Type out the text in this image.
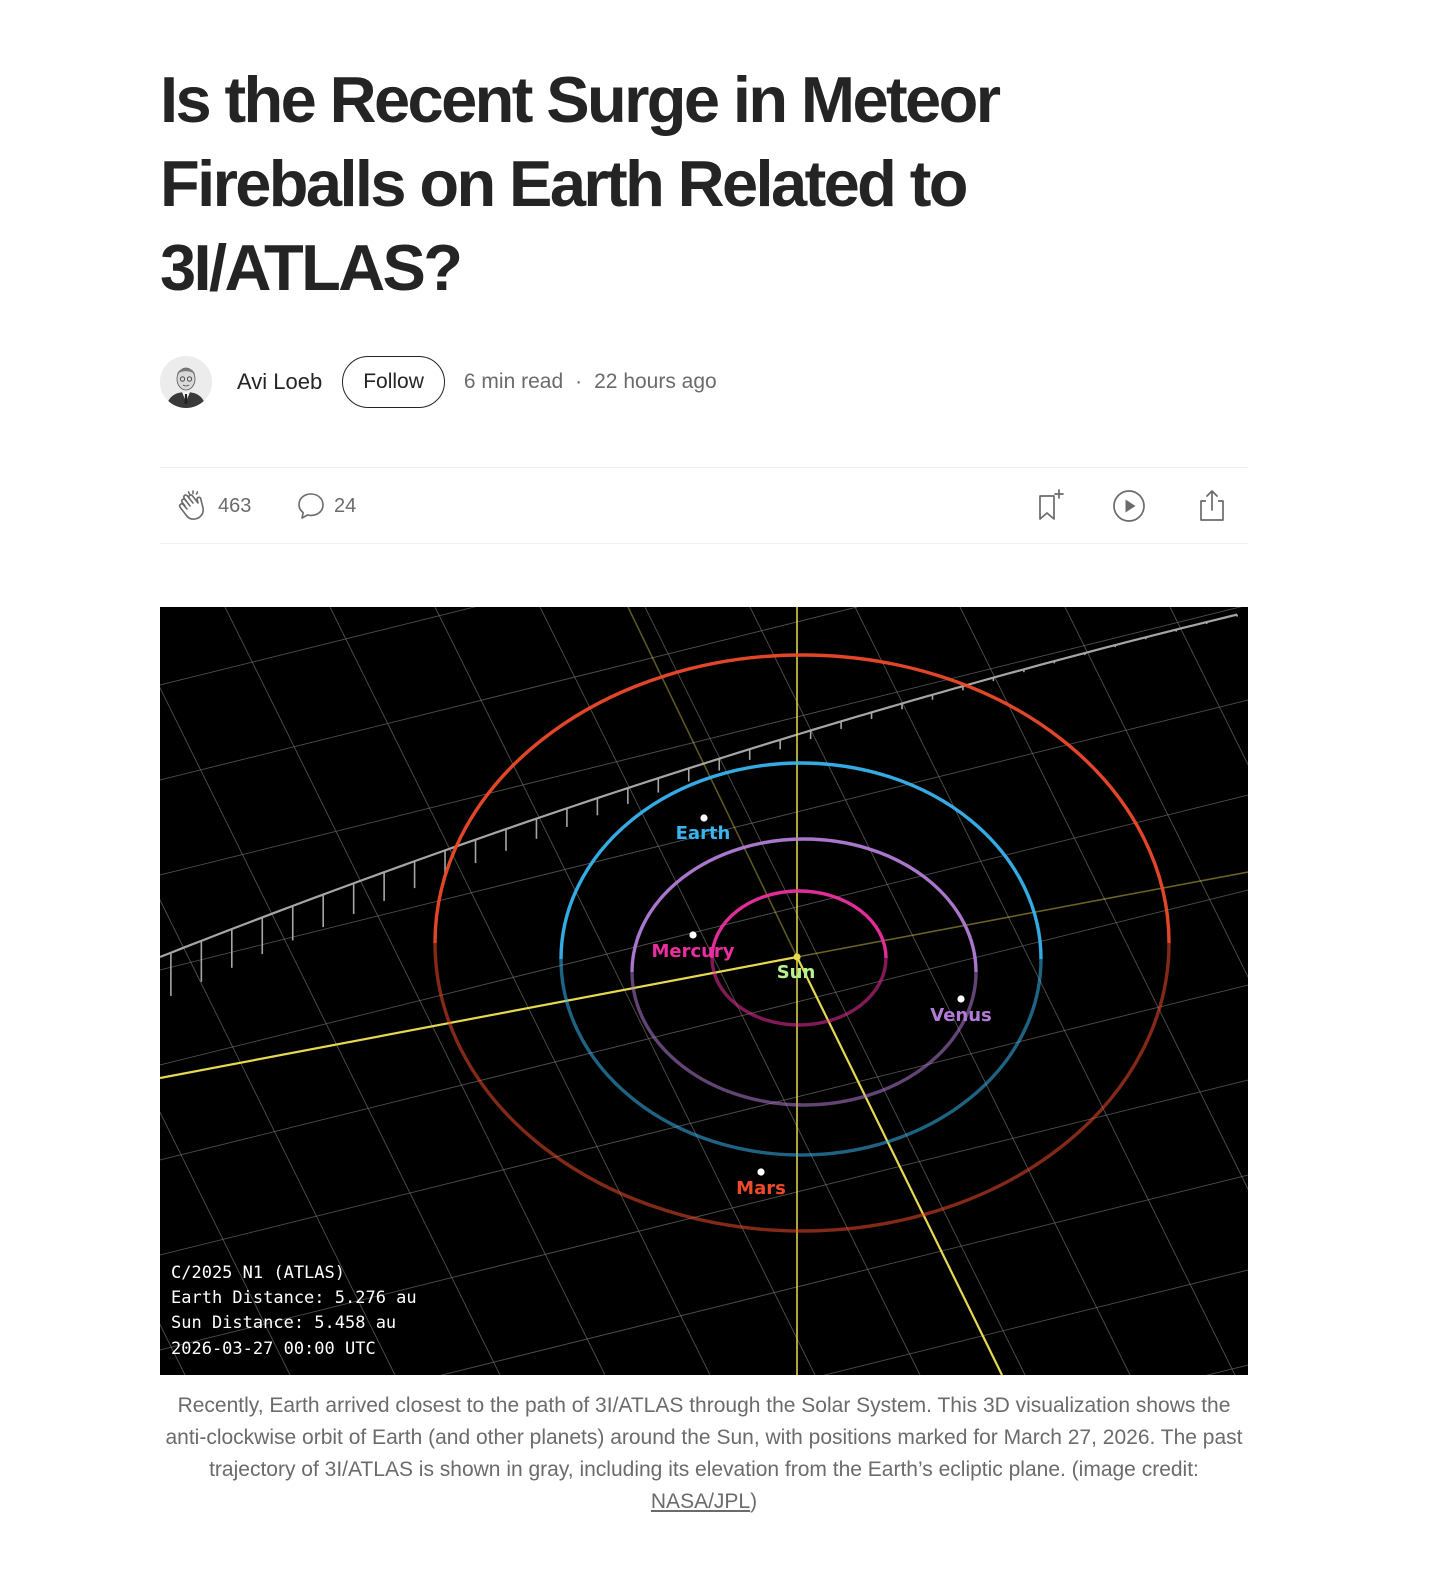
Is the Recent Surge in Meteor Fireballs on Earth Related to 3I/ATLAS?
Avi Loeb	Follow	6 min read · 22 hours ago
463	24
Earth
Mercury
Sun
Venus
Mars
C/2025 N1 (ATLAS)
Earth Distance: 5.276 au
Sun Distance: 5.458 au
2026-03-27 00:00 UTC

Recently, Earth arrived closest to the path of 3I/ATLAS through the Solar System. This 3D visualization shows the anti-clockwise orbit of Earth (and other planets) around the Sun, with positions marked for March 27, 2026. The past trajectory of 3I/ATLAS is shown in gray, including its elevation from the Earth’s ecliptic plane. (image credit: NASA/JPL)
